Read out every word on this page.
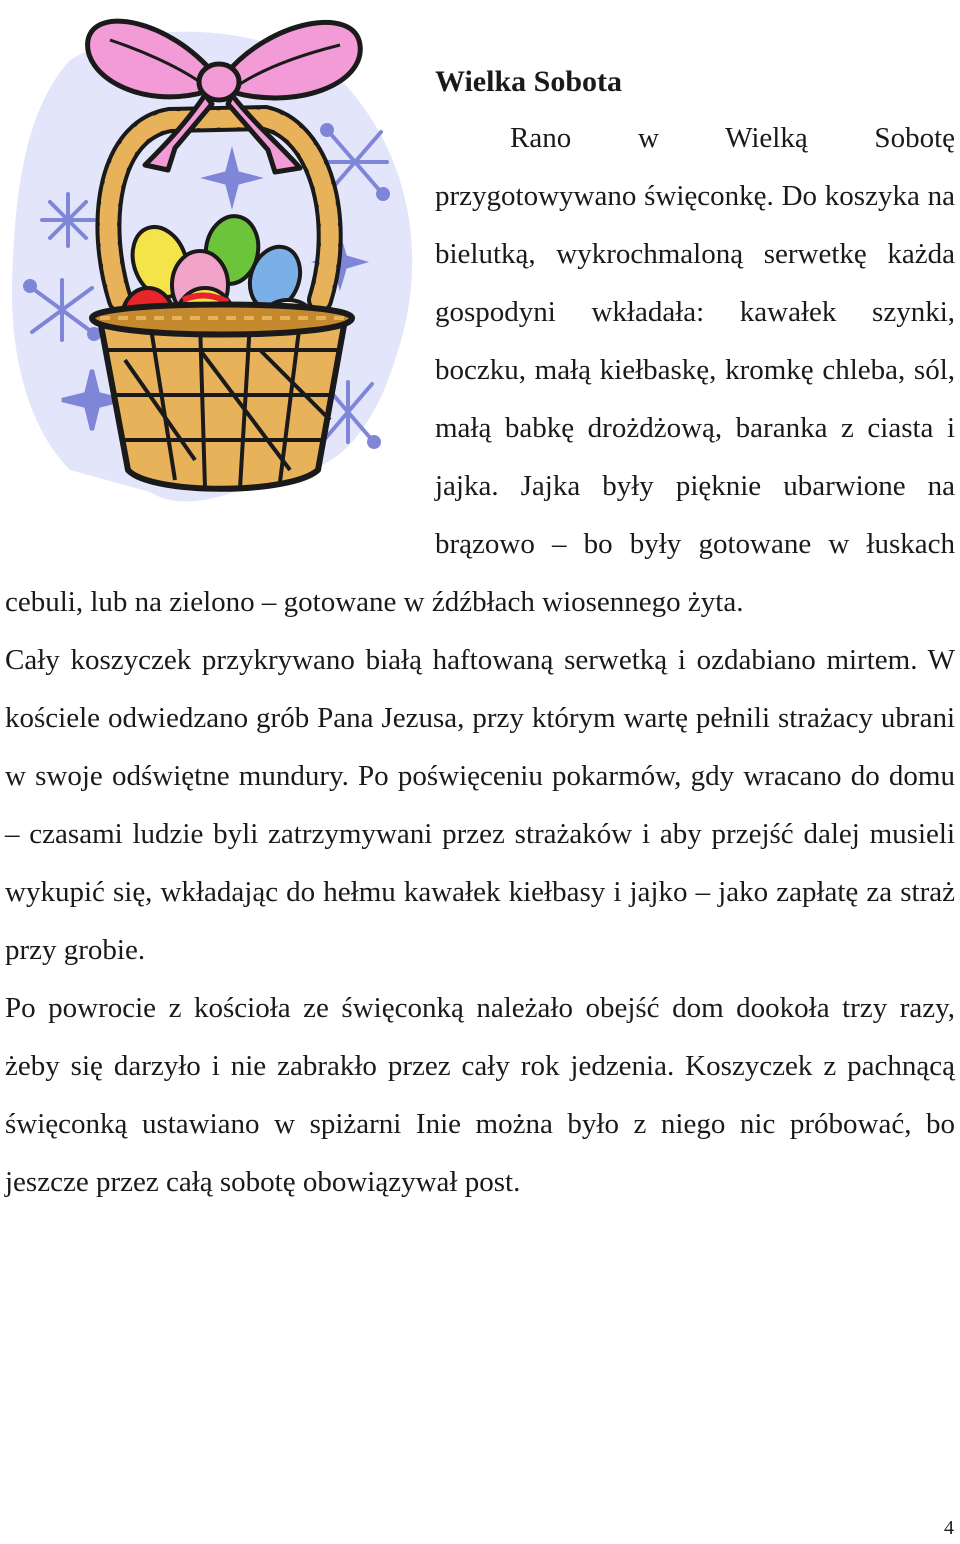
Wielka Sobota

Rano w Wielką Sobotę przygotowywano święconkę. Do koszyka na bielutką, wykrochmaloną serwetkę każda gospodyni wkładała: kawałek szynki, boczku, małą kiełbaskę, kromkę chleba, sól, małą babkę drożdżową, baranka z ciasta i jajka. Jajka były pięknie ubarwione na brązowo – bo były gotowane w łuskach cebuli, lub na zielono – gotowane w źdźbłach wiosennego żyta.

Cały koszyczek przykrywano białą haftowaną serwetką i ozdabiano mirtem. W kościele odwiedzano grób Pana Jezusa, przy którym wartę pełnili strażacy ubrani w swoje odświętne mundury. Po poświęceniu pokarmów, gdy wracano do domu – czasami ludzie byli zatrzymywani przez strażaków i aby przejść dalej musieli wykupić się, wkładając do hełmu kawałek kiełbasy i jajko – jako zapłatę za straż przy grobie.

Po powrocie z kościoła ze święconką należało obejść dom dookoła trzy razy, żeby się darzyło i nie zabrakło przez cały rok jedzenia. Koszyczek z pachnącą święconką ustawiano w spiżarni Inie można było z niego nic próbować, bo jeszcze przez całą sobotę obowiązywał post.

4
